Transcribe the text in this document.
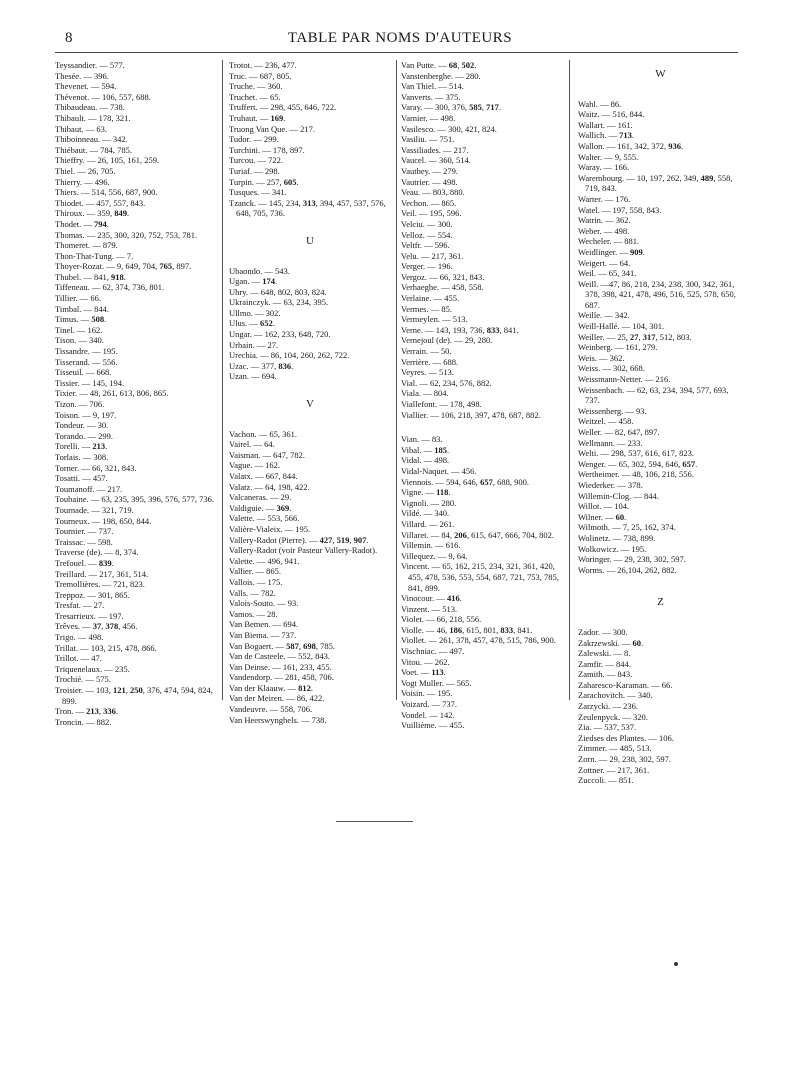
8	TABLE PAR NOMS D'AUTEURS
Teyssandier. — 577.
Thesée. — 396.
Thevenet. — 594.
Thévenot. — 106, 557, 688.
Thibaudeau. — 738.
Thibault. — 178, 321.
Thibaut. — 63.
Thiboinneau. — 342.
Thiébaut. — 784, 785.
Thieffry. — 26, 105, 161, 259.
Thiel. — 26, 705.
Thierry. — 496.
Thiers. — 514, 556, 687, 900.
Thiodet. — 457, 557, 843.
Thiroux. — 359, 849.
Thodet. — 794.
Thomas. — 235, 300, 320, 752, 753, 781.
Thomeret. — 879.
Thon-That-Tung. — 7.
Thoyer-Rozat. — 9, 649, 704, 765, 897.
Thubel. — 841, 918.
Tiffeneau. — 62, 374, 736, 801.
Tillier. — 66.
Timbal. — 844.
Timus. — 508.
Tinel. — 162.
Tison. — 340.
Tissandre. — 195.
Tisserand. — 556.
Tisseuil. — 668.
Tissier. — 145, 194.
Tixier. — 48, 261, 613, 806, 865.
Tizon. — 706.
Toison. — 9, 197.
Tondeur. — 30.
Torando. — 299.
Torelli. — 213.
Torlais. — 308.
Torner. — 66, 321, 843.
Tosatti. — 457.
Toumanoff. — 217.
Toubaine. — 63, 235, 395, 396, 576, 577, 736.
Tournade. — 321, 719.
Tourneux. — 198, 650, 844.
Tournier. — 737.
Traissac. — 598.
Traverse (de). — 8, 374.
Trefouel. — 839.
Treillard. — 217, 361, 514.
Tremollières. — 721, 823.
Treppoz. — 301, 865.
Tresfat. — 27.
Tresarrieux. — 197.
Trêves. — 37, 378, 456.
Trigo. — 498.
Trillat. — 103, 215, 478, 866.
Trillot. — 47.
Triquenelaux. — 235.
Trochié. — 575.
Troisier. — 103, 121, 250, 376, 474, 594, 824, 899.
Tron. — 213, 336.
Troncin. — 882.
Trotot. — 236, 477.
Truc. — 687, 805.
Truche. — 360.
Truchet. — 65.
Truffert. — 298, 455, 646, 722.
Truhaut. — 169.
Truong Van Que. — 217.
Tudor. — 299.
Turchini. — 178, 897.
Turcou. — 722.
Turiaf. — 298.
Turpin. — 257, 605.
Tusques. — 341.
Tzanck. — 145, 234, 313, 394, 457, 537, 576, 648, 705, 736.
U
Ubaondo. — 543.
Ugan. — 174.
Uhry. — 648, 802, 803, 824.
Ukrainczyk. — 63, 234, 395.
Ullmo. — 302.
Ulus. — 652.
Ungar. — 162, 233, 648, 720.
Urbain. — 27.
Urechia. — 86, 104, 260, 262, 722.
Uzac. — 377, 836.
Uzan. — 694.
V
Vachon. — 65, 361.
Vairel. — 64.
Vaisman. — 647, 782.
Vague. — 162.
Valatx. — 667, 844.
Valatz. — 64, 198, 422.
Valcaneras. — 29.
Valdiguie. — 369.
Valette. — 553, 566.
Valière-Vialeix. — 195.
Vallery-Radot (Pierre). — 427, 519, 907.
Vallery-Radot (voir Pasteur Vallery-Radot).
Valette. — 496, 941.
Vallier. — 865.
Vallois. — 175.
Valls. — 782.
Valois-Souto. — 93.
Vamos. — 28.
Van Bemen. — 694.
Van Biema. — 737.
Van Bogaert. — 587, 698, 785.
Van de Casteele. — 552, 843.
Van Deinse. — 161, 233, 455.
Vandendorp. — 281, 458, 706.
Van der Klaauw. — 812.
Van der Meiren. — 86, 422.
Vandeuvre. — 558, 706.
Van Heerswynghels. — 738.
Van Putte. — 68, 502.
Vanstenberghe. — 280.
Van Thiel. — 514.
Vanverts. — 375.
Varay. — 300, 376, 585, 717.
Varnier. — 498.
Vasilesco. — 300, 421, 824.
Vasiliu. — 751.
Vassiliades. — 217.
Vaucel. — 360, 514.
Vauthey. — 279.
Vautrier. — 498.
Veau. — 803, 880.
Vechon. — 865.
Veil. — 195, 596.
Velciu. — 300.
Velloz. — 554.
Veltfr. — 596.
Velu. — 217, 361.
Verger. — 196.
Vergoz. — 66, 321, 843.
Verhaeghe. — 458, 558.
Verlaine. — 455.
Vermes. — 85.
Vermeylen. — 513.
Verne. — 143, 193, 736, 833, 841.
Vernejoul (de). — 29, 280.
Verrain. — 50.
Verrière. — 688.
Veyres. — 513.
Vial. — 62, 234, 576, 882.
Viala. — 804.
Viallefont. — 178, 498.
Viallier. — 106, 218, 397, 478, 687, 882.
Vian. — 83.
Vibal. — 185.
Vidal. — 498.
Vidal-Naquet. — 456.
Viennois. — 594, 646, 657, 688, 900.
Vigne. — 118.
Vignoli. — 280.
Vildé. — 340.
Villard. — 261.
Villaret. — 84, 206, 615, 647, 666, 704, 802.
Villemin. — 616.
Villequez. — 9, 64.
Vincent. — 65, 162, 215, 234, 321, 361, 420, 455, 478, 536, 553, 554, 687, 721, 753, 785, 841, 899.
Vinocour. — 416.
Vinzent. — 513.
Violet. — 66, 218, 556.
Violle. — 46, 186, 615, 801, 833, 841.
Viollet. — 261, 378, 457, 478, 515, 786, 900.
Vischniac. — 497.
Vitou. — 262.
Voet. — 113.
Vogt Muller. — 565.
Voisin. — 195.
Voizard. — 737.
Vondel. — 142.
Vuillième. — 455.
W
Wahl. — 86.
Waitz. — 516, 844.
Wallart. — 161.
Wallich. — 713.
Wallon. — 161, 342, 372, 936.
Walter. — 9, 555.
Waray. — 166.
Warembourg. — 10, 197, 262, 349, 489, 558, 719, 843.
Warter. — 176.
Watel. — 197, 558, 843.
Watrin. — 362.
Weber. — 498.
Wecheler. — 881.
Weidlinger. — 909.
Weigert. — 64.
Weil. — 65, 341.
Weill. —47, 86, 218, 234, 238, 300, 342, 361, 378, 398, 421, 478, 496, 516, 525, 578, 650, 687.
Weille. — 342.
Weill-Hallé. — 104, 301.
Weiller. — 25, 27, 317, 512, 803.
Weinberg. — 161, 279.
Weis. — 362.
Weiss. — 302, 668.
Weissmann-Netter. — 216.
Weissenbach. — 62, 63, 234, 394, 577, 693, 737.
Weissenberg. — 93.
Weitzel. — 458.
Weller. — 82, 647, 897.
Wellmann. — 233.
Welti. — 298, 537, 616, 617, 823.
Wenger. — 65, 302, 594, 646, 657.
Wertheimer. — 48, 106, 218, 556.
Wiederker. — 378.
Willemin-Clog. — 844.
Willot. — 104.
Wilner. — 60.
Wilmoth. — 7, 25, 162, 374.
Wolinetz. — 738, 899.
Wolkowicz. — 195.
Woringer. — 29, 238, 302, 597.
Worms. — 26,104, 262, 882.
Z
Zador. — 300.
Zakrzewski. — 60.
Zalewski. — 8.
Zamfir. — 844.
Zamith. — 843.
Zaharesco-Karaman. — 66.
Zarachovitch. — 340.
Zarzycki. — 236.
Zeulenpyck. — 320.
Zia. — 537, 537.
Ziedses des Plantes. — 106.
Zimmer. — 485, 513.
Zorn. — 29, 238, 302, 597.
Zottner. — 217, 361.
Zuccoli. — 851.
